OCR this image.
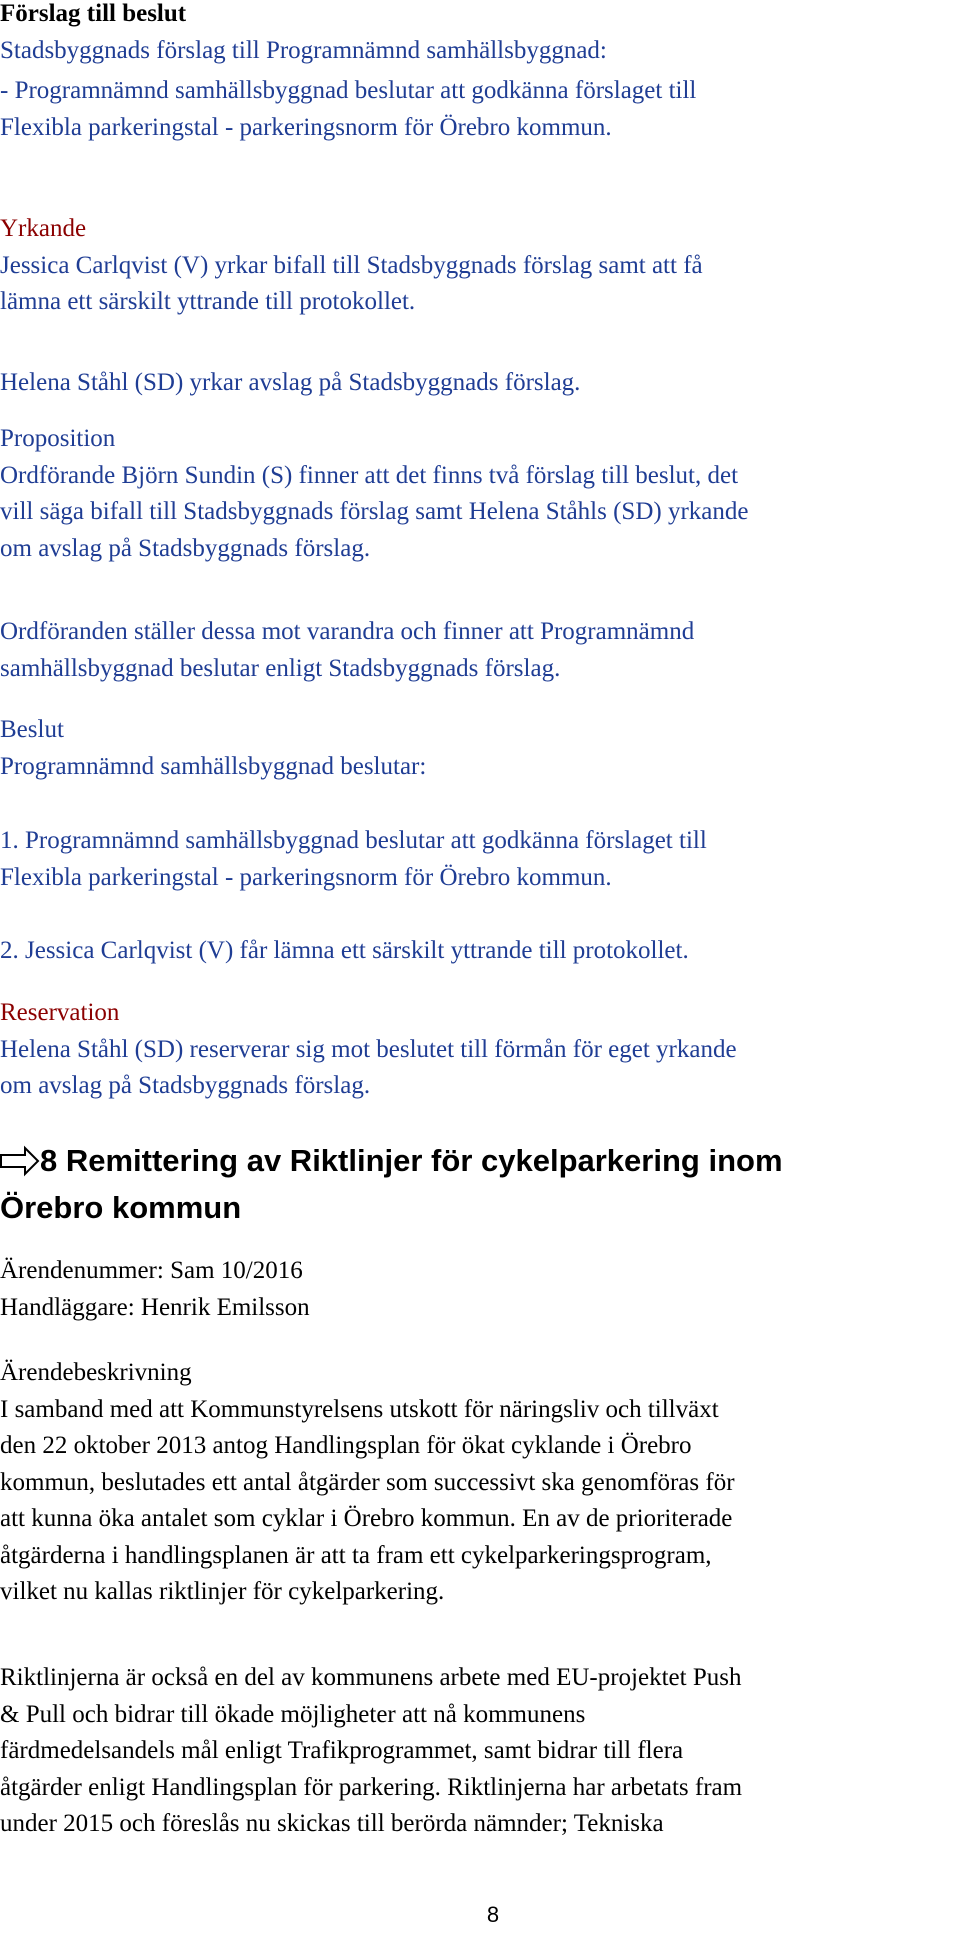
Förslag till beslut

Stadsbyggnads förslag till Programnämnd samhällsbyggnad:

- Programnämnd samhällsbyggnad beslutar att godkänna förslaget till

Flexibla parkeringstal - parkeringsnorm för Örebro kommun.

Yrkande

Jessica Carlqvist (V) yrkar bifall till Stadsbyggnads förslag samt att få

lämna ett särskilt yttrande till protokollet.

Helena Ståhl (SD) yrkar avslag på Stadsbyggnads förslag.

Proposition

Ordförande Björn Sundin (S) finner att det finns två förslag till beslut, det

vill säga bifall till Stadsbyggnads förslag samt Helena Ståhls (SD) yrkande

om avslag på Stadsbyggnads förslag.

Ordföranden ställer dessa mot varandra och finner att Programnämnd

samhällsbyggnad beslutar enligt Stadsbyggnads förslag.

Beslut

Programnämnd samhällsbyggnad beslutar:

1. Programnämnd samhällsbyggnad beslutar att godkänna förslaget till

Flexibla parkeringstal - parkeringsnorm för Örebro kommun.

2. Jessica Carlqvist (V) får lämna ett särskilt yttrande till protokollet.

Reservation

Helena Ståhl (SD) reserverar sig mot beslutet till förmån för eget yrkande

om avslag på Stadsbyggnads förslag.

8 Remittering av Riktlinjer för cykelparkering inom
Örebro kommun

Ärendenummer: Sam 10/2016

Handläggare: Henrik Emilsson

Ärendebeskrivning

I samband med att Kommunstyrelsens utskott för näringsliv och tillväxt

den 22 oktober 2013 antog Handlingsplan för ökat cyklande i Örebro

kommun, beslutades ett antal åtgärder som successivt ska genomföras för

att kunna öka antalet som cyklar i Örebro kommun. En av de prioriterade

åtgärderna i handlingsplanen är att ta fram ett cykelparkeringsprogram,

vilket nu kallas riktlinjer för cykelparkering.

Riktlinjerna är också en del av kommunens arbete med EU-projektet Push

& Pull och bidrar till ökade möjligheter att nå kommunens

färdmedelsandels mål enligt Trafikprogrammet, samt bidrar till flera

åtgärder enligt Handlingsplan för parkering. Riktlinjerna har arbetats fram

under 2015 och föreslås nu skickas till berörda nämnder; Tekniska

8
